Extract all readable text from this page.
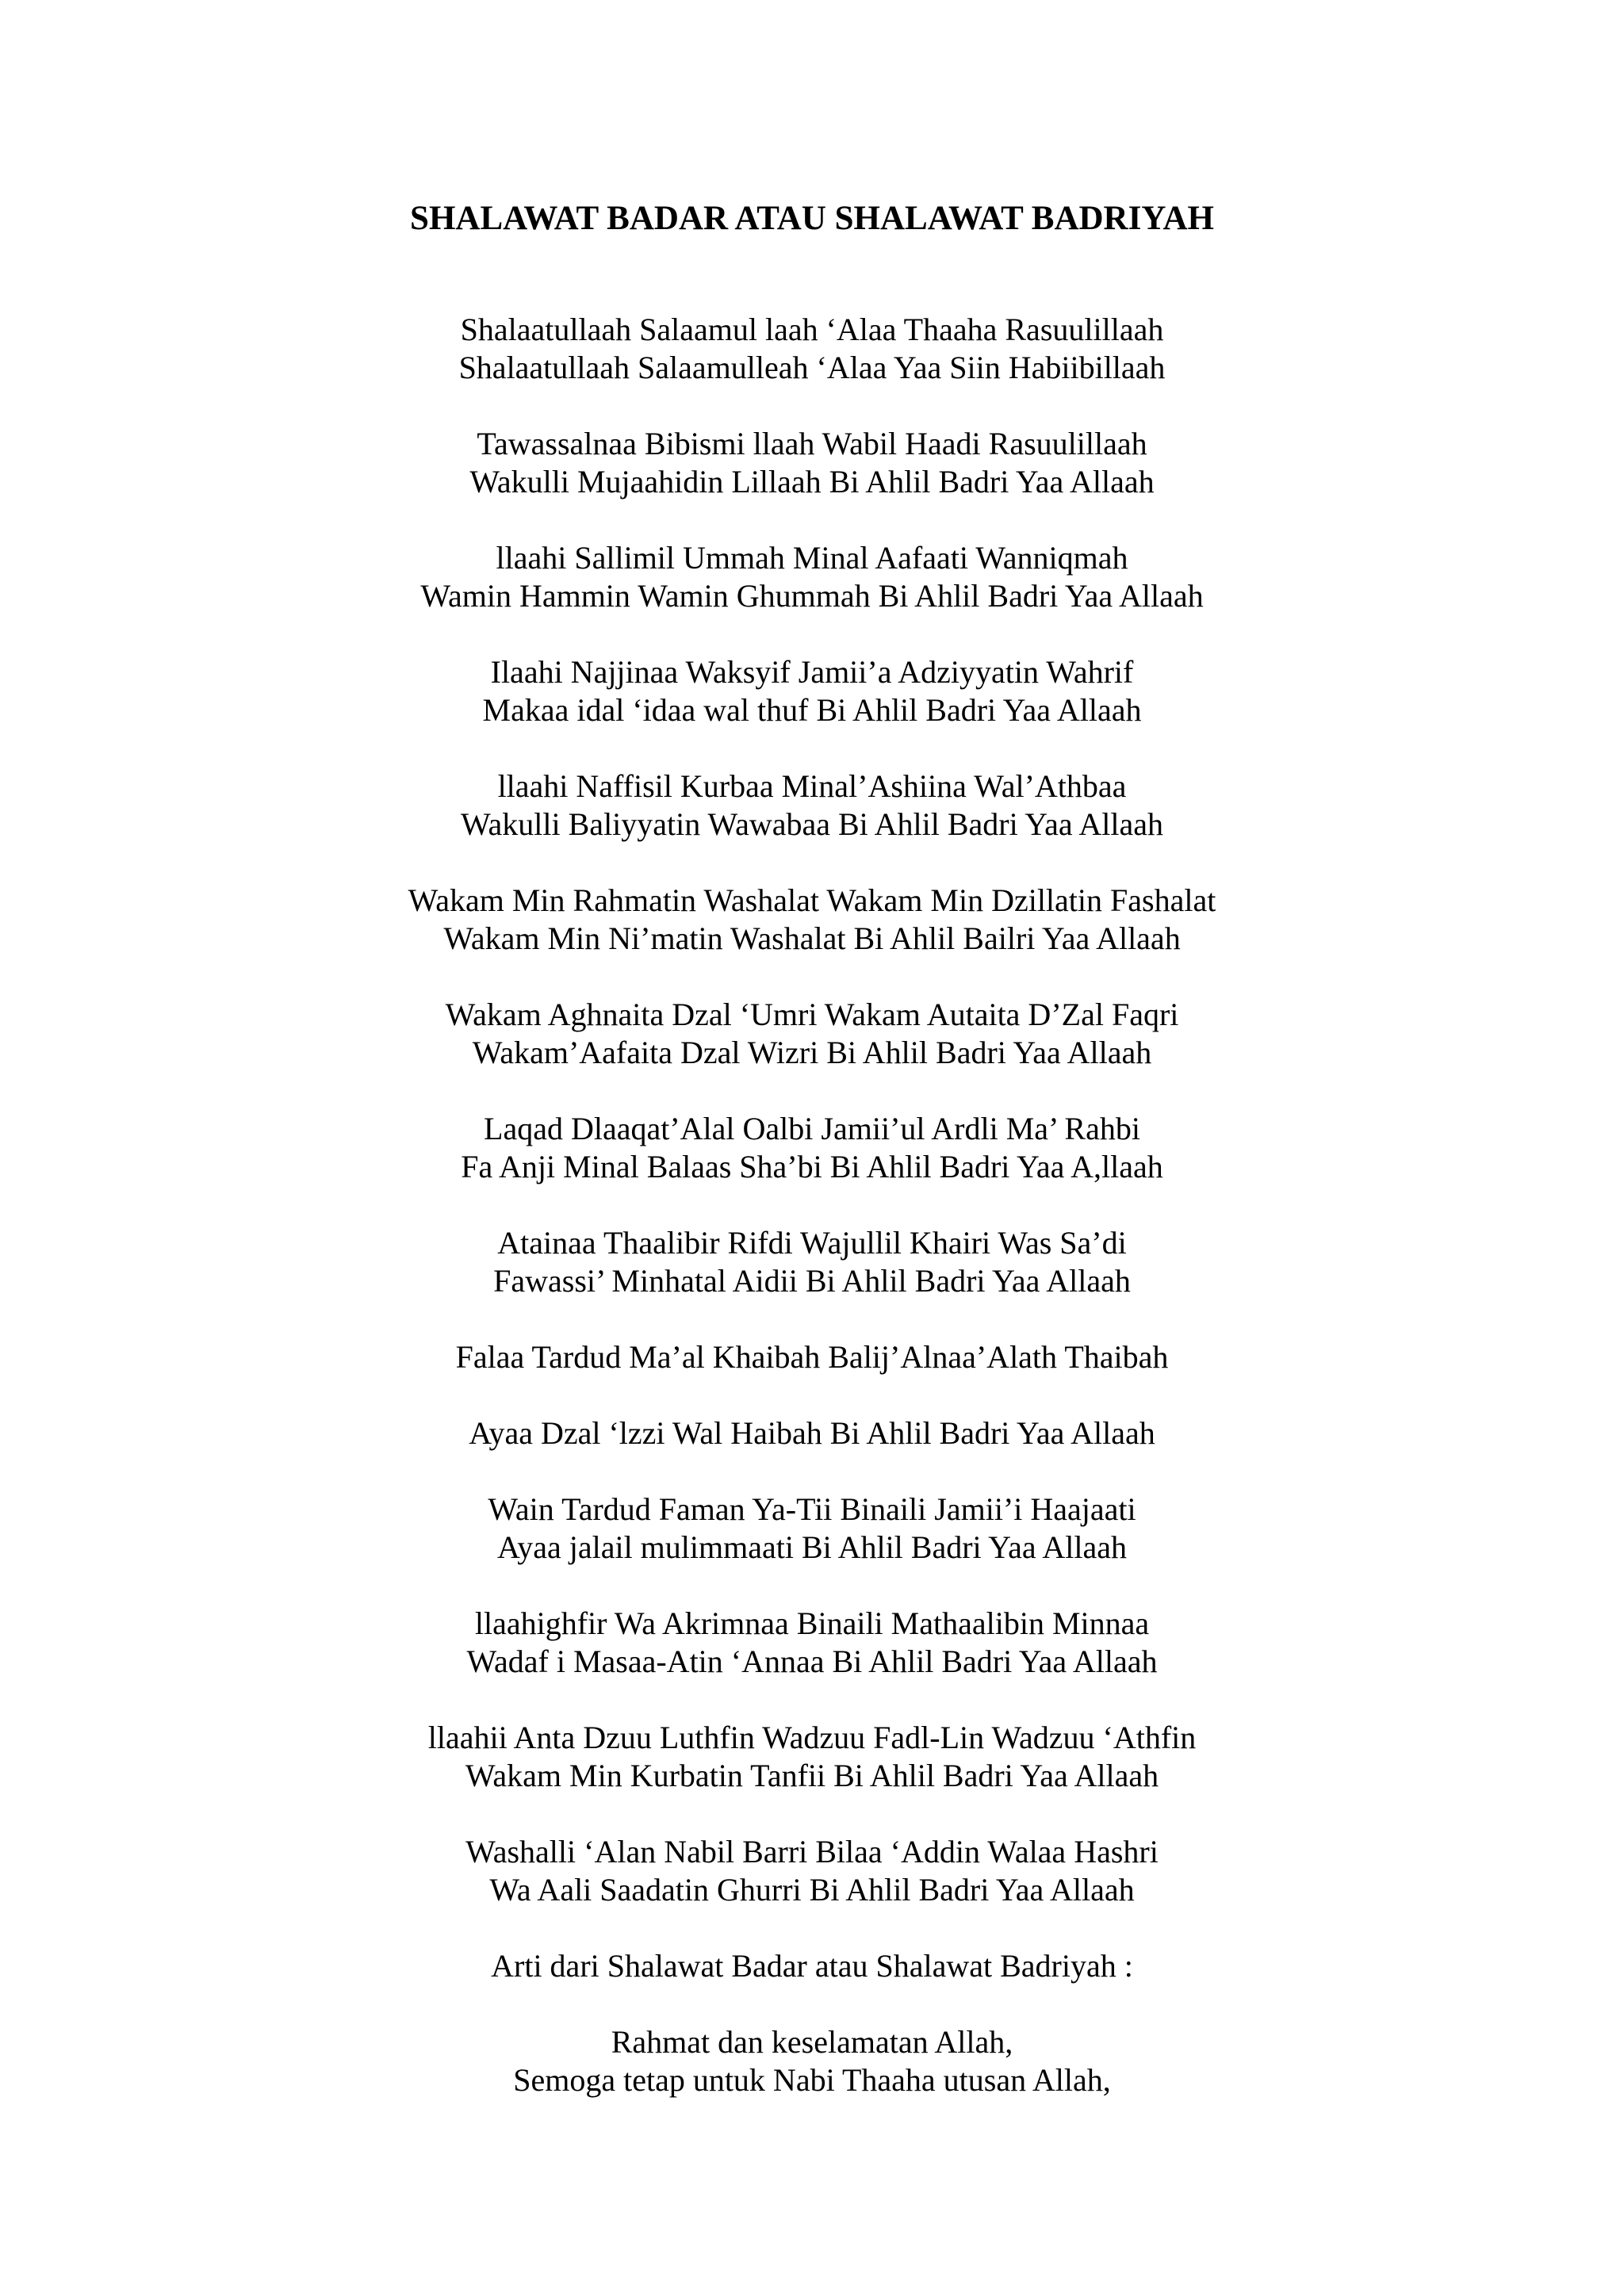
SHALAWAT BADAR ATAU SHALAWAT BADRIYAH
Shalaatullaah Salaamul laah ‘Alaa Thaaha Rasuulillaah
Shalaatullaah Salaamulleah ‘Alaa Yaa Siin Habiibillaah
Tawassalnaa Bibismi llaah Wabil Haadi Rasuulillaah
Wakulli Mujaahidin Lillaah Bi Ahlil Badri Yaa Allaah
llaahi Sallimil Ummah Minal Aafaati Wanniqmah
Wamin Hammin Wamin Ghummah Bi Ahlil Badri Yaa Allaah
Ilaahi Najjinaa Waksyif Jamii’a Adziyyatin Wahrif
Makaa idal ‘idaa wal thuf Bi Ahlil Badri Yaa Allaah
llaahi Naffisil Kurbaa Minal’Ashiina Wal’Athbaa
Wakulli Baliyyatin Wawabaa Bi Ahlil Badri Yaa Allaah
Wakam Min Rahmatin Washalat Wakam Min Dzillatin Fashalat
Wakam Min Ni’matin Washalat Bi Ahlil Bailri Yaa Allaah
Wakam Aghnaita Dzal ‘Umri Wakam Autaita D’Zal Faqri
Wakam’Aafaita Dzal Wizri Bi Ahlil Badri Yaa Allaah
Laqad Dlaaqat’Alal Oalbi Jamii’ul Ardli Ma’ Rahbi
Fa Anji Minal Balaas Sha’bi Bi Ahlil Badri Yaa A,llaah
Atainaa Thaalibir Rifdi Wajullil Khairi Was Sa’di
Fawassi’ Minhatal Aidii Bi Ahlil Badri Yaa Allaah
Falaa Tardud Ma’al Khaibah Balij’Alnaa’Alath Thaibah
Ayaa Dzal ‘lzzi Wal Haibah Bi Ahlil Badri Yaa Allaah
Wain Tardud Faman Ya-Tii Binaili Jamii’i Haajaati
Ayaa jalail mulimmaati Bi Ahlil Badri Yaa Allaah
llaahighfir Wa Akrimnaa Binaili Mathaalibin Minnaa
Wadaf i Masaa-Atin ‘Annaa Bi Ahlil Badri Yaa Allaah
llaahii Anta Dzuu Luthfin Wadzuu Fadl-Lin Wadzuu ‘Athfin
Wakam Min Kurbatin Tanfii Bi Ahlil Badri Yaa Allaah
Washalli ‘Alan Nabil Barri Bilaa ‘Addin Walaa Hashri
Wa Aali Saadatin Ghurri Bi Ahlil Badri Yaa Allaah
Arti dari Shalawat Badar atau Shalawat Badriyah :
Rahmat dan keselamatan Allah,
Semoga tetap untuk Nabi Thaaha utusan Allah,
